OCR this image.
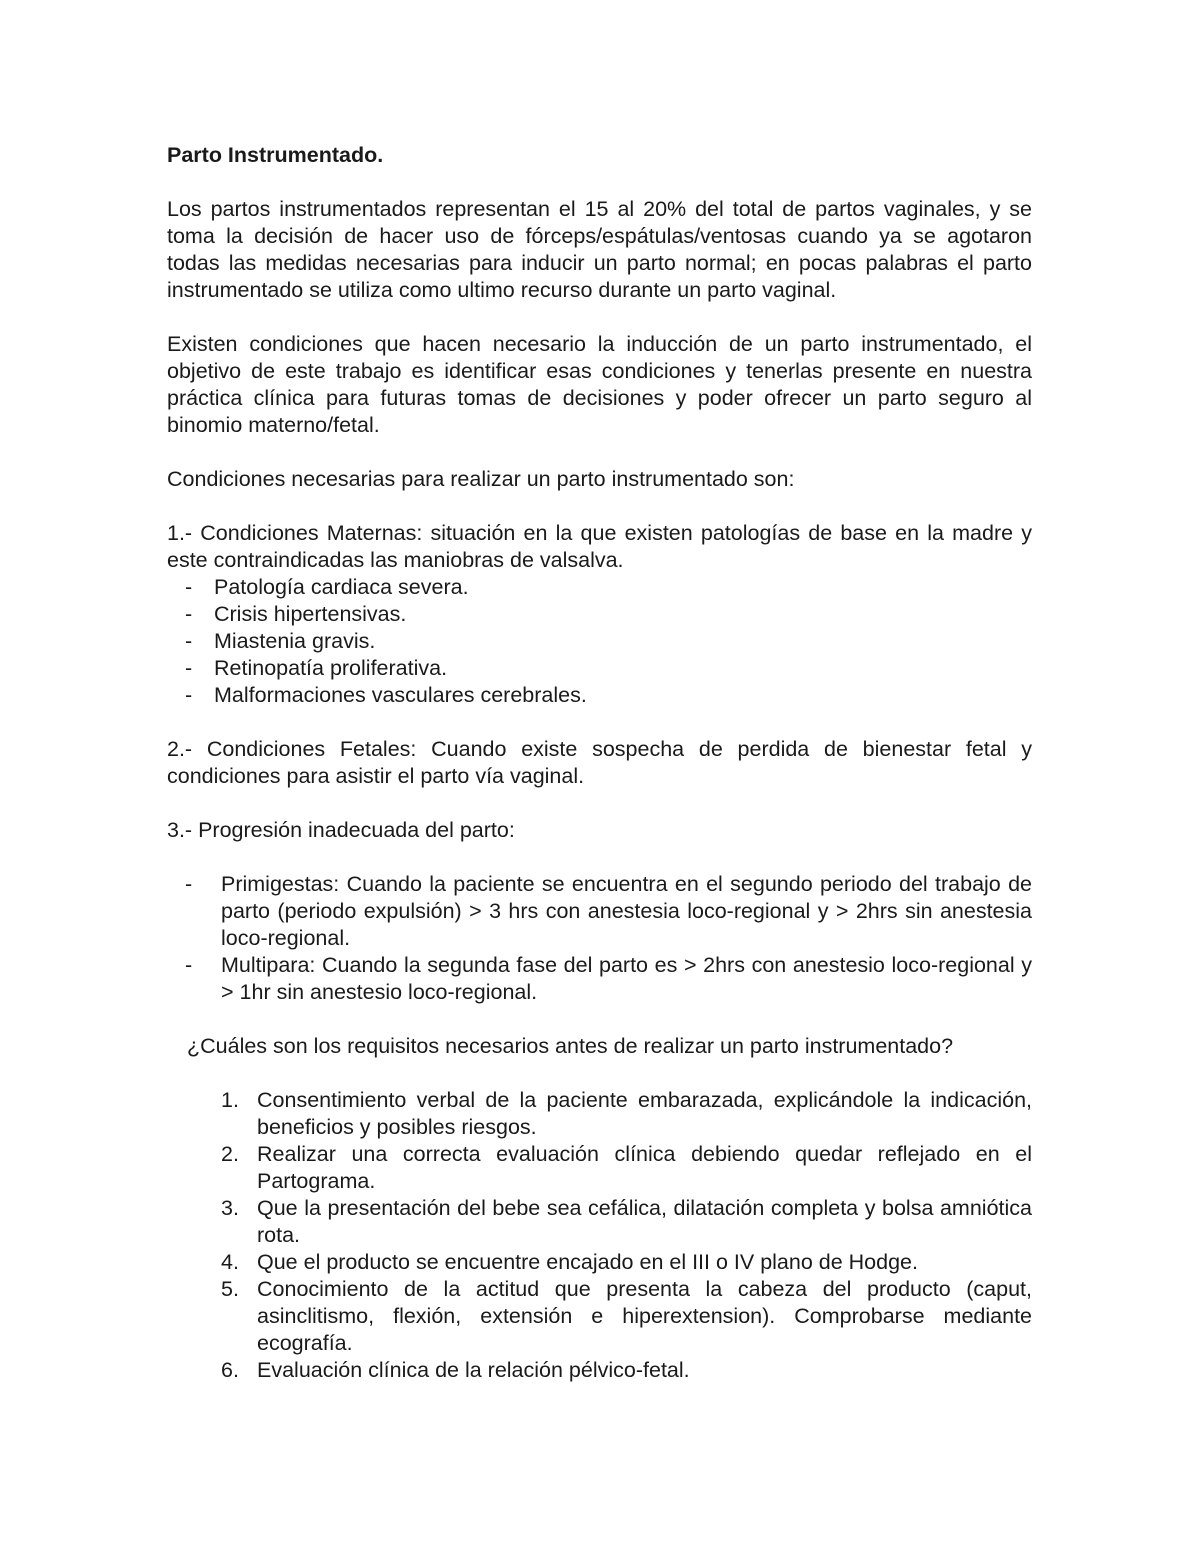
Parto Instrumentado.

Los partos instrumentados representan el 15 al 20% del total de partos vaginales, y se toma la decisión de hacer uso de fórceps/espátulas/ventosas cuando ya se agotaron todas las medidas necesarias para inducir un parto normal; en pocas palabras el parto instrumentado se utiliza como ultimo recurso durante un parto vaginal.

Existen condiciones que hacen necesario la inducción de un parto instrumentado, el objetivo de este trabajo es identificar esas condiciones y tenerlas presente en nuestra práctica clínica para futuras tomas de decisiones y poder ofrecer un parto seguro al binomio materno/fetal.

Condiciones necesarias para realizar un parto instrumentado son:

1.- Condiciones Maternas: situación en la que existen patologías de base en la madre y este contraindicadas las maniobras de valsalva.

- Patología cardiaca severa.
- Crisis hipertensivas.
- Miastenia gravis.
- Retinopatía proliferativa.
- Malformaciones vasculares cerebrales.

2.- Condiciones Fetales: Cuando existe sospecha de perdida de bienestar fetal y condiciones para asistir el parto vía vaginal.

3.- Progresión inadecuada del parto:

- Primigestas: Cuando la paciente se encuentra en el segundo periodo del trabajo de parto (periodo expulsión) > 3 hrs con anestesia loco-regional y > 2hrs sin anestesia loco-regional.
- Multipara: Cuando la segunda fase del parto es > 2hrs con anestesio loco-regional y > 1hr sin anestesio loco-regional.

¿Cuáles son los requisitos necesarios antes de realizar un parto instrumentado?

1. Consentimiento verbal de la paciente embarazada, explicándole la indicación, beneficios y posibles riesgos.
2. Realizar una correcta evaluación clínica debiendo quedar reflejado en el Partograma.
3. Que la presentación del bebe sea cefálica, dilatación completa y bolsa amniótica rota.
4. Que el producto se encuentre encajado en el III o IV plano de Hodge.
5. Conocimiento de la actitud que presenta la cabeza del producto (caput, asinclitismo, flexión, extensión e hiperextension). Comprobarse mediante ecografía.
6. Evaluación clínica de la relación pélvico-fetal.
